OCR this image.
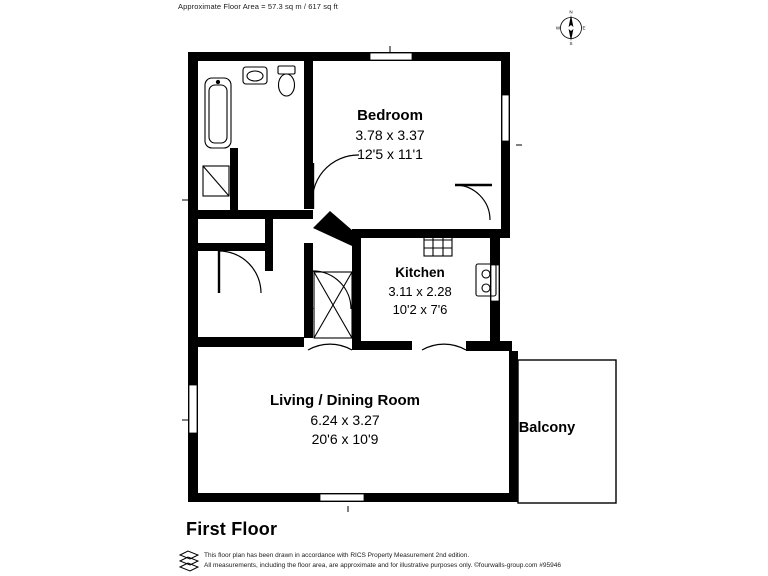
Approximate Floor Area = 57.3 sq m / 617 sq ft
N
S
E
W
Bedroom
3.78 x 3.37
12'5 x 11'1
Kitchen
3.11 x 2.28
10'2 x 7'6
Living / Dining Room
6.24 x 3.27
20'6 x 10'9
Balcony
First Floor
This floor plan has been drawn in accordance with RICS Property Measurement 2nd edition.
All measurements, including the floor area, are approximate and for illustrative purposes only. ©fourwalls-group.com #95946
